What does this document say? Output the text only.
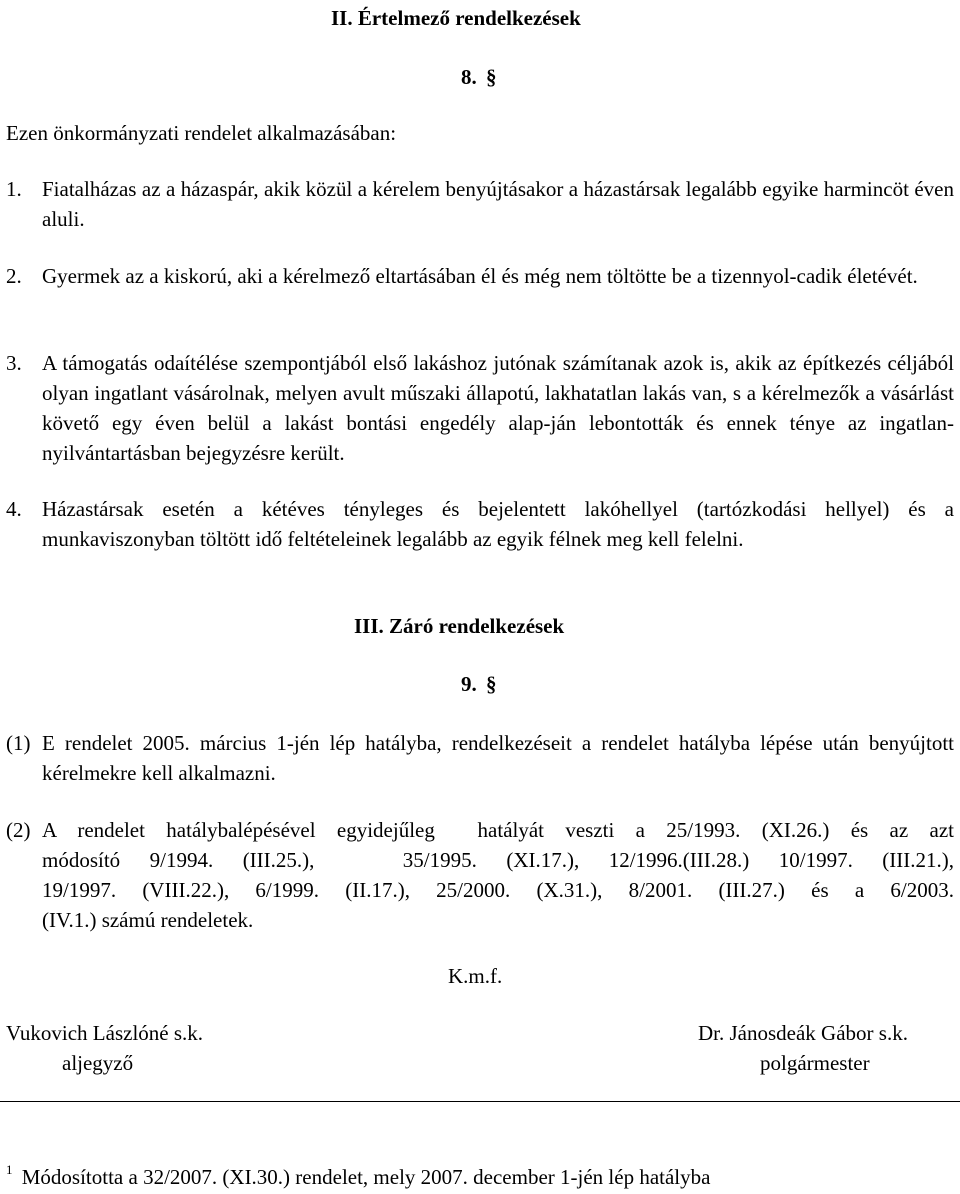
II. Értelmező rendelkezések
8. §
Ezen önkormányzati rendelet alkalmazásában:
1. Fiatalházas az a házaspár, akik közül a kérelem benyújtásakor a házastársak legalább egyike harmincöt éven aluli.
2. Gyermek az a kiskorú, aki a kérelmező eltartásában él és még nem töltötte be a tizennyol-cadik életévét.
3. A támogatás odaítélése szempontjából első lakáshoz jutónak számítanak azok is, akik az építkezés céljából olyan ingatlant vásárolnak, melyen avult műszaki állapotú, lakhatatlan lakás van, s a kérelmezők a vásárlást követő egy éven belül a lakást bontási engedély alap-ján lebontották és ennek ténye az ingatlan-nyilvántartásban bejegyzésre került.
4. Házastársak esetén a kétéves tényleges és bejelentett lakóhellyel (tartózkodási hellyel) és a munkaviszonyban töltött idő feltételeinek legalább az egyik félnek meg kell felelni.
III. Záró rendelkezések
9. §
(1) E rendelet 2005. március 1-jén lép hatályba, rendelkezéseit a rendelet hatályba lépése után benyújtott kérelmekre kell alkalmazni.
(2) A rendelet hatálybalépésével egyidejűleg  hatályát veszti a 25/1993. (XI.26.) és az azt
módosító 9/1994. (III.25.),   35/1995. (XI.17.), 12/1996.(III.28.) 10/1997. (III.21.),
19/1997. (VIII.22.), 6/1999. (II.17.), 25/2000. (X.31.), 8/2001. (III.27.) és a 6/2003.
(IV.1.) számú rendeletek.
K.m.f.
Vukovich Lászlóné s.k.
aljegyző
Dr. Jánosdeák Gábor s.k.
polgármester
$^1$ Módosította a 32/2007. (XI.30.) rendelet, mely 2007. december 1-jén lép hatályba
